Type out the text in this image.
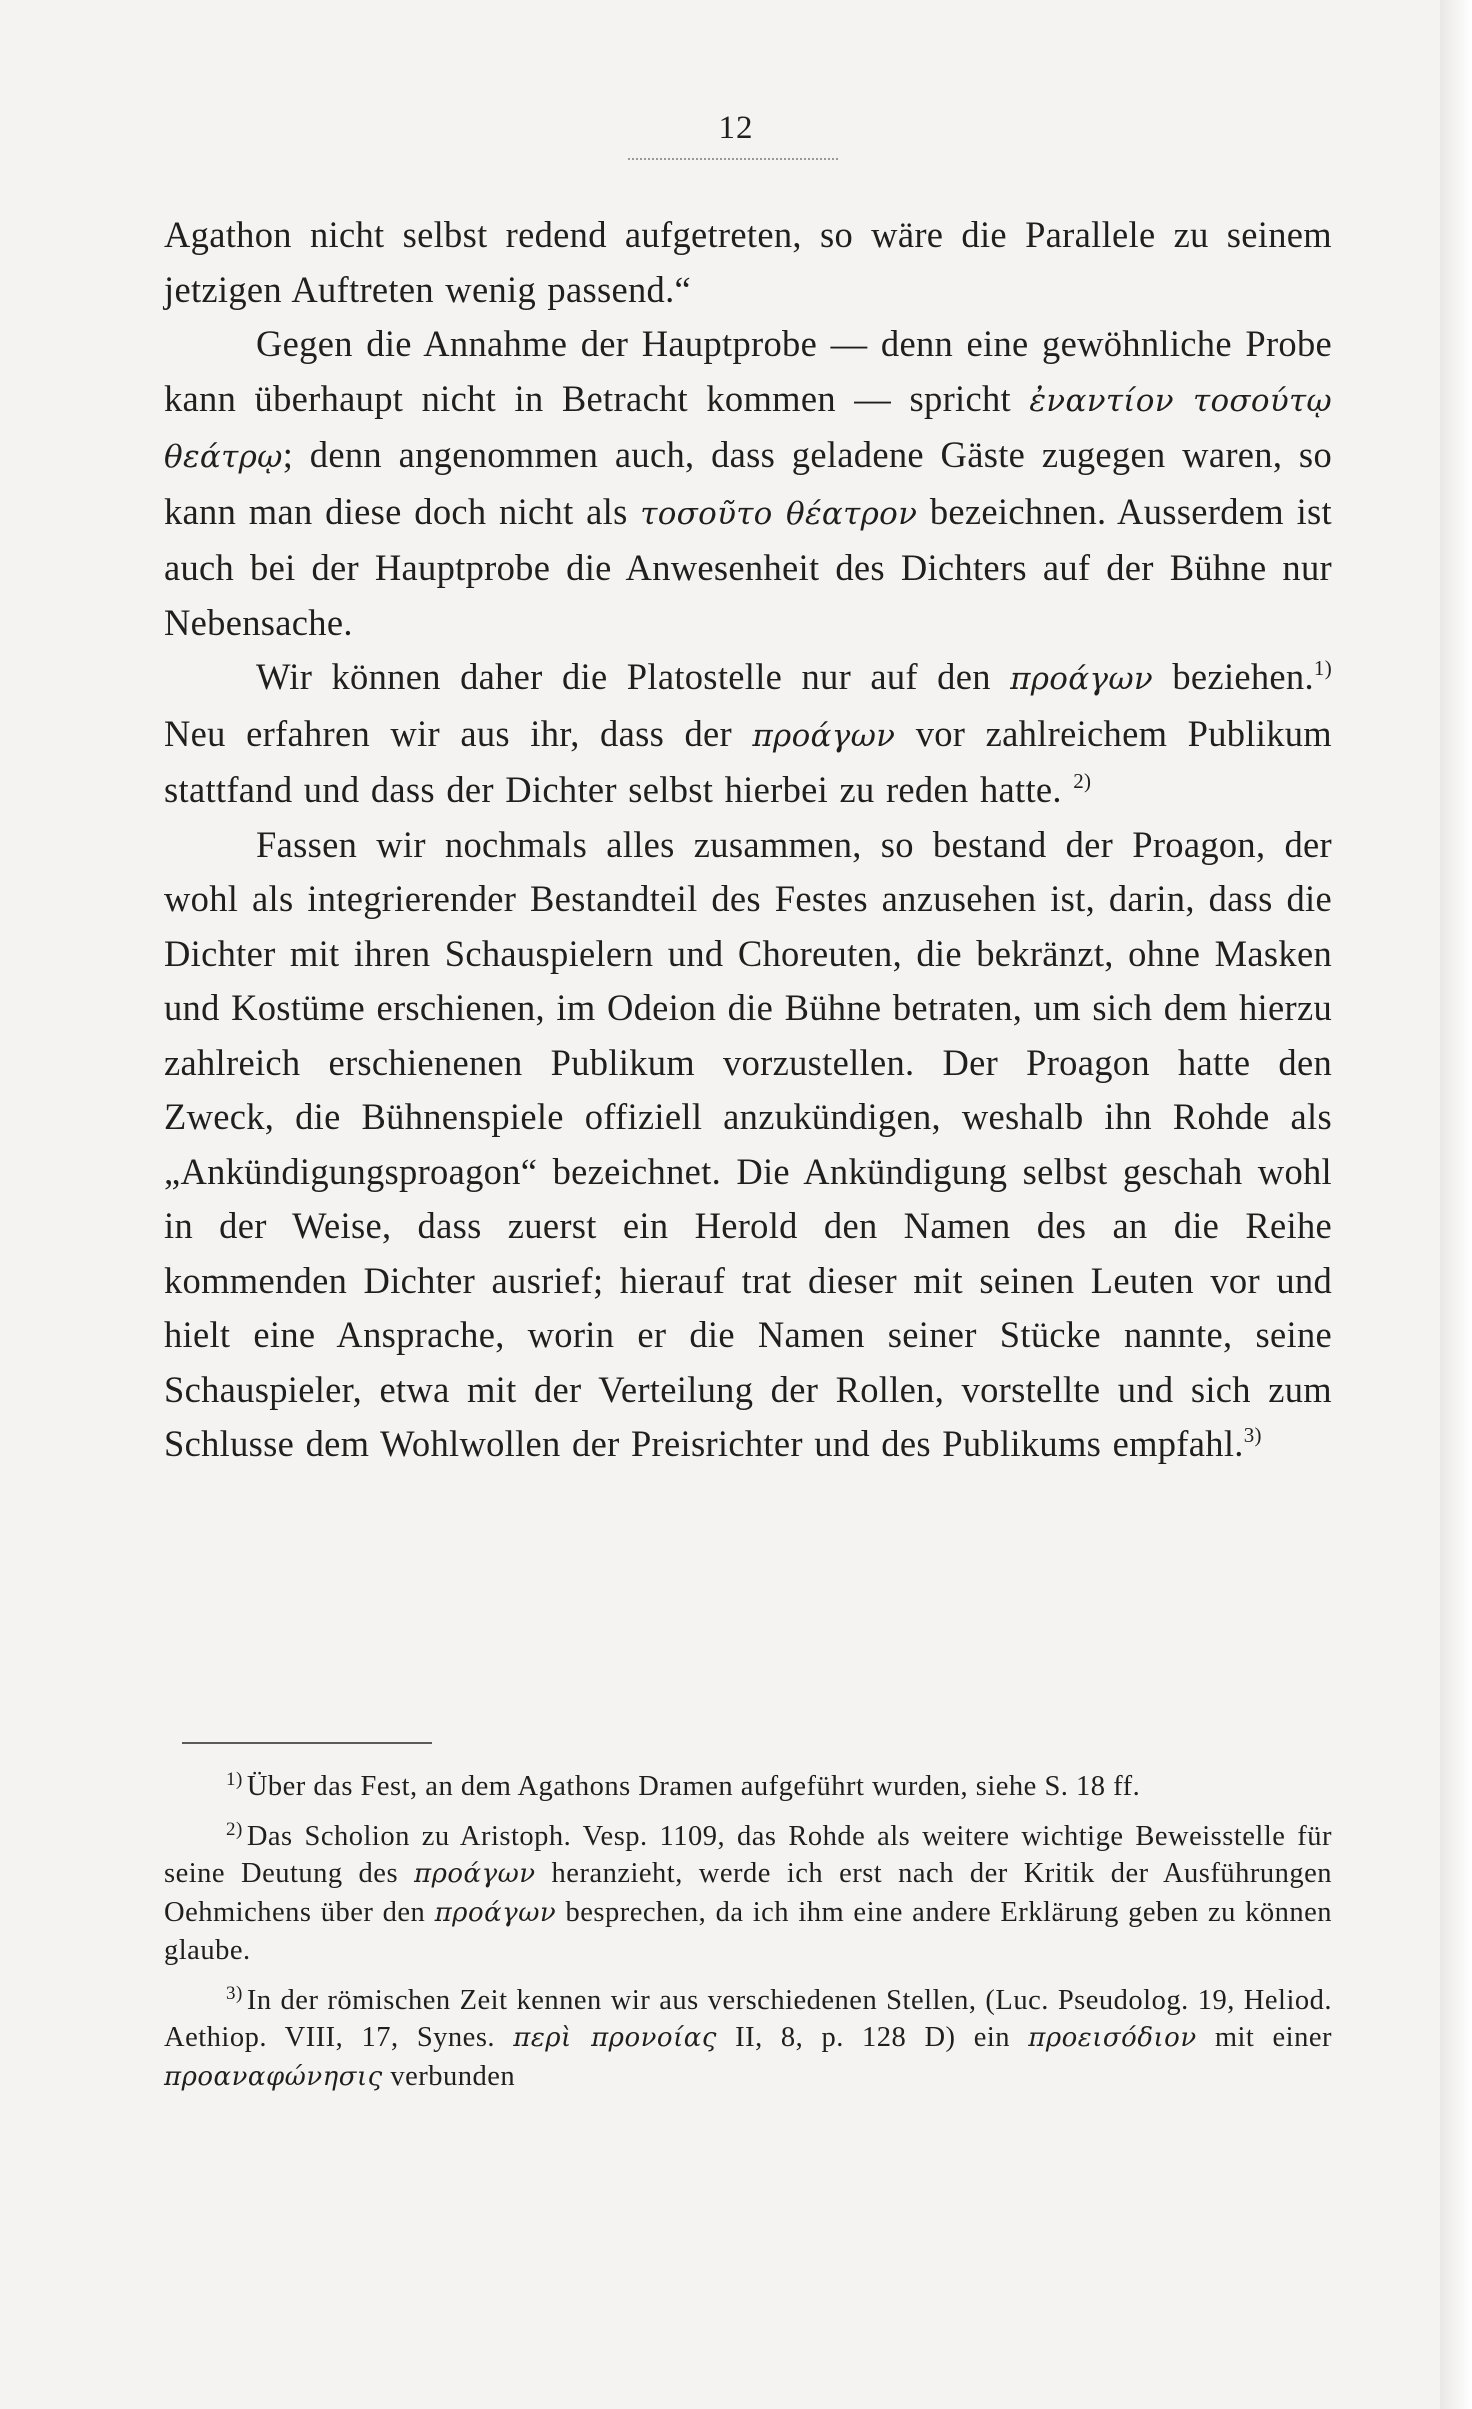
12

Agathon nicht selbst redend aufgetreten, so wäre die Parallele zu seinem jetzigen Auftreten wenig passend.“

Gegen die Annahme der Hauptprobe — denn eine gewöhnliche Probe kann überhaupt nicht in Betracht kommen — spricht ἐναντίον τοσούτῳ θεάτρῳ; denn angenommen auch, dass geladene Gäste zugegen waren, so kann man diese doch nicht als τοσοῦτο θέατρον bezeichnen. Ausserdem ist auch bei der Hauptprobe die Anwesenheit des Dichters auf der Bühne nur Nebensache.

Wir können daher die Platostelle nur auf den προάγων beziehen.$^{1)}$ Neu erfahren wir aus ihr, dass der προάγων vor zahlreichem Publikum stattfand und dass der Dichter selbst hierbei zu reden hatte. $^{2)}$

Fassen wir nochmals alles zusammen, so bestand der Proagon, der wohl als integrierender Bestandteil des Festes anzusehen ist, darin, dass die Dichter mit ihren Schauspielern und Choreuten, die bekränzt, ohne Masken und Kostüme erschienen, im Odeion die Bühne betraten, um sich dem hierzu zahlreich erschienenen Publikum vorzustellen. Der Proagon hatte den Zweck, die Bühnenspiele offiziell anzukündigen, weshalb ihn Rohde als „Ankündigungsproagon“ bezeichnet. Die Ankündigung selbst geschah wohl in der Weise, dass zuerst ein Herold den Namen des an die Reihe kommenden Dichter ausrief; hierauf trat dieser mit seinen Leuten vor und hielt eine Ansprache, worin er die Namen seiner Stücke nannte, seine Schauspieler, etwa mit der Verteilung der Rollen, vorstellte und sich zum Schlusse dem Wohlwollen der Preisrichter und des Publikums empfahl.$^{3)}$

$^{1)}$ Über das Fest, an dem Agathons Dramen aufgeführt wurden, siehe S. 18 ff.

$^{2)}$ Das Scholion zu Aristoph. Vesp. 1109, das Rohde als weitere wichtige Beweisstelle für seine Deutung des προάγων heranzieht, werde ich erst nach der Kritik der Ausführungen Oehmichens über den προάγων besprechen, da ich ihm eine andere Erklärung geben zu können glaube.

$^{3)}$ In der römischen Zeit kennen wir aus verschiedenen Stellen, (Luc. Pseudolog. 19, Heliod. Aethiop. VIII, 17, Synes. περὶ προνοίας II, 8, p. 128 D) ein προεισόδιον mit einer προαναφώνησις verbunden
